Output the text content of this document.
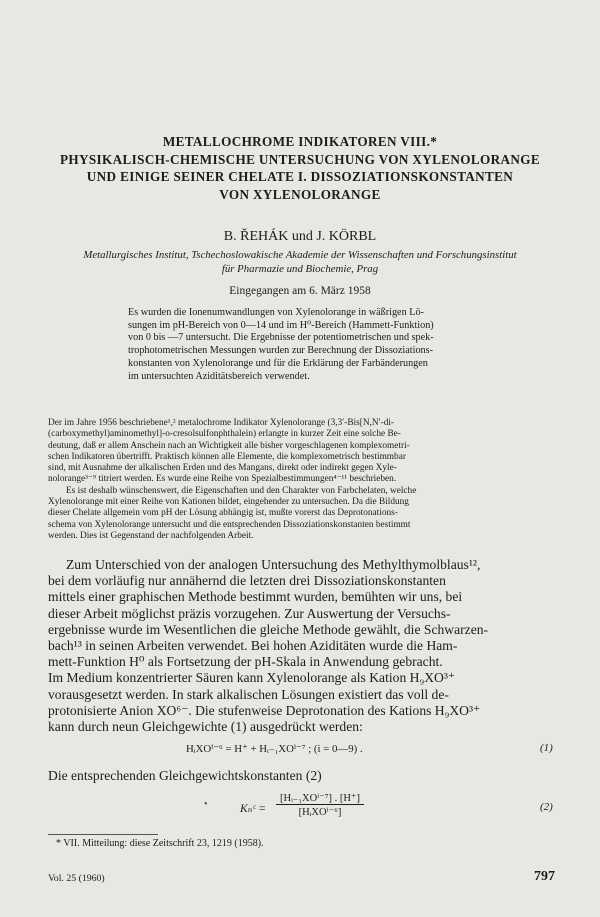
METALLOCHROME INDIKATOREN VIII.*
PHYSIKALISCH-CHEMISCHE UNTERSUCHUNG VON XYLENOLORANGE
UND EINIGE SEINER CHELATE I. DISSOZIATIONSKONSTANTEN
VON XYLENOLORANGE
B. ŘEHÁK und J. KÖRBL
Metallurgisches Institut, Tschechoslowakische Akademie der Wissenschaften und Forschungsinstitut
für Pharmazie und Biochemie, Prag
Eingegangen am 6. März 1958
Es wurden die Ionenumwandlungen von Xylenolorange in wäßrigen Lö-
sungen im pH-Bereich von 0—14 und im H⁰-Bereich (Hammett-Funktion)
von 0 bis —7 untersucht. Die Ergebnisse der potentiometrischen und spek-
trophotometrischen Messungen wurden zur Berechnung der Dissoziations-
konstanten von Xylenolorange und für die Erklärung der Farbänderungen
im untersuchten Aziditätsbereich verwendet.
Der im Jahre 1956 beschriebene¹,² metalochrome Indikator Xylenolorange (3,3′-Bis[N,N′-di-
(carboxymethyl)aminomethyl]-o-cresolsulfonphthalein) erlangte in kurzer Zeit eine solche Be-
deutung, daß er allem Anschein nach an Wichtigkeit alle bisher vorgeschlagenen komplexometri-
schen Indikatoren übertrifft. Praktisch können alle Elemente, die komplexometrisch bestimmbar
sind, mit Ausnahme der alkalischen Erden und des Mangans, direkt oder indirekt gegen Xyle-
nolorange³⁻⁹ titriert werden. Es wurde eine Reihe von Spezialbestimmungen⁴⁻¹¹ beschrieben.
Es ist deshalb wünschenswert, die Eigenschaften und den Charakter von Farbchelaten, welche
Xylenolorange mit einer Reihe von Kationen bildet, eingehender zu untersuchen. Da die Bildung
dieser Chelate allgemein vom pH der Lösung abhängig ist, mußte vorerst das Deprotonations-
schema von Xylenolorange untersucht und die entsprechenden Dissoziationskonstanten bestimmt
werden. Dies ist Gegenstand der nachfolgenden Arbeit.
Zum Unterschied von der analogen Untersuchung des Methylthymolblaus¹²,
bei dem vorläufig nur annähernd die letzten drei Dissoziationskonstanten
mittels einer graphischen Methode bestimmt wurden, bemühten wir uns, bei
dieser Arbeit möglichst präzis vorzugehen. Zur Auswertung der Versuchs-
ergebnisse wurde im Wesentlichen die gleiche Methode gewählt, die Schwarzen-
bach¹³ in seinen Arbeiten verwendet. Bei hohen Aziditäten wurde die Ham-
mett-Funktion H⁰ als Fortsetzung der pH-Skala in Anwendung gebracht.
Im Medium konzentrierter Säuren kann Xylenolorange als Kation H₉XO³⁺
vorausgesetzt werden. In stark alkalischen Lösungen existiert das voll de-
protonisierte Anion XO⁶⁻. Die stufenweise Deprotonation des Kations H₉XO³⁺
kann durch neun Gleichgewichte (1) ausgedrückt werden:
HᵢXOⁱ⁻⁶ = H⁺ + Hᵢ₋₁XOⁱ⁻⁷ ; (i = 0—9) .	(1)
Die entsprechenden Gleichgewichtskonstanten (2)
•	Kₙᶜ =
[Hᵢ₋₁XOⁱ⁻⁷] . [H⁺]
[HᵢXOⁱ⁻⁶]	(2)
* VII. Mitteilung: diese Zeitschrift 23, 1219 (1958).
Vol. 25 (1960)	797
